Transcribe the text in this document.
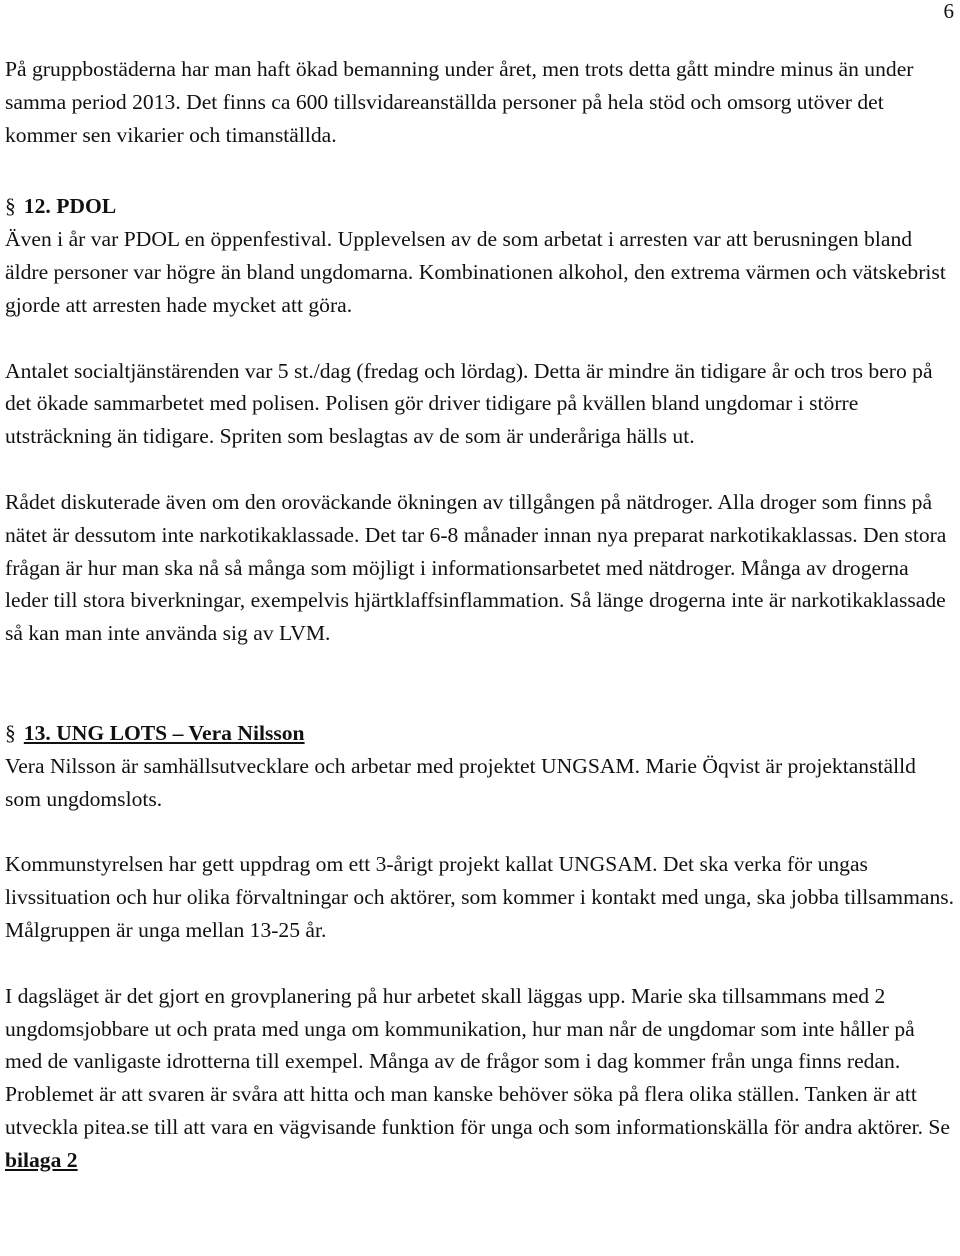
6

På gruppbostäderna har man haft ökad bemanning under året, men trots detta gått mindre minus än under samma period 2013. Det finns ca 600 tillsvidareanställda personer på hela stöd och omsorg utöver det kommer sen vikarier och timanställda.

§ 12. PDOL

Även i år var PDOL en öppenfestival. Upplevelsen av de som arbetat i arresten var att berusningen bland äldre personer var högre än bland ungdomarna. Kombinationen alkohol, den extrema värmen och vätskebrist gjorde att arresten hade mycket att göra.

Antalet socialtjänstärenden var 5 st./dag (fredag och lördag). Detta är mindre än tidigare år och tros bero på det ökade sammarbetet med polisen. Polisen gör driver tidigare på kvällen bland ungdomar i större utsträckning än tidigare. Spriten som beslagtas av de som är underåriga hälls ut.

Rådet diskuterade även om den oroväckande ökningen av tillgången på nätdroger. Alla droger som finns på nätet är dessutom inte narkotikaklassade. Det tar 6-8 månader innan nya preparat narkotikaklassas. Den stora frågan är hur man ska nå så många som möjligt i informationsarbetet med nätdroger. Många av drogerna leder till stora biverkningar, exempelvis hjärtklaffsinflammation. Så länge drogerna inte är narkotikaklassade så kan man inte använda sig av LVM.

§ 13. UNG LOTS – Vera Nilsson

Vera Nilsson är samhällsutvecklare och arbetar med projektet UNGSAM. Marie Öqvist är projektanställd som ungdomslots.

Kommunstyrelsen har gett uppdrag om ett 3-årigt projekt kallat UNGSAM. Det ska verka för ungas livssituation och hur olika förvaltningar och aktörer, som kommer i kontakt med unga, ska jobba tillsammans. Målgruppen är unga mellan 13-25 år.

I dagsläget är det gjort en grovplanering på hur arbetet skall läggas upp. Marie ska tillsammans med 2 ungdomsjobbare ut och prata med unga om kommunikation, hur man når de ungdomar som inte håller på med de vanligaste idrotterna till exempel. Många av de frågor som i dag kommer från unga finns redan. Problemet är att svaren är svåra att hitta och man kanske behöver söka på flera olika ställen. Tanken är att utveckla pitea.se till att vara en vägvisande funktion för unga och som informationskälla för andra aktörer. Se bilaga 2
